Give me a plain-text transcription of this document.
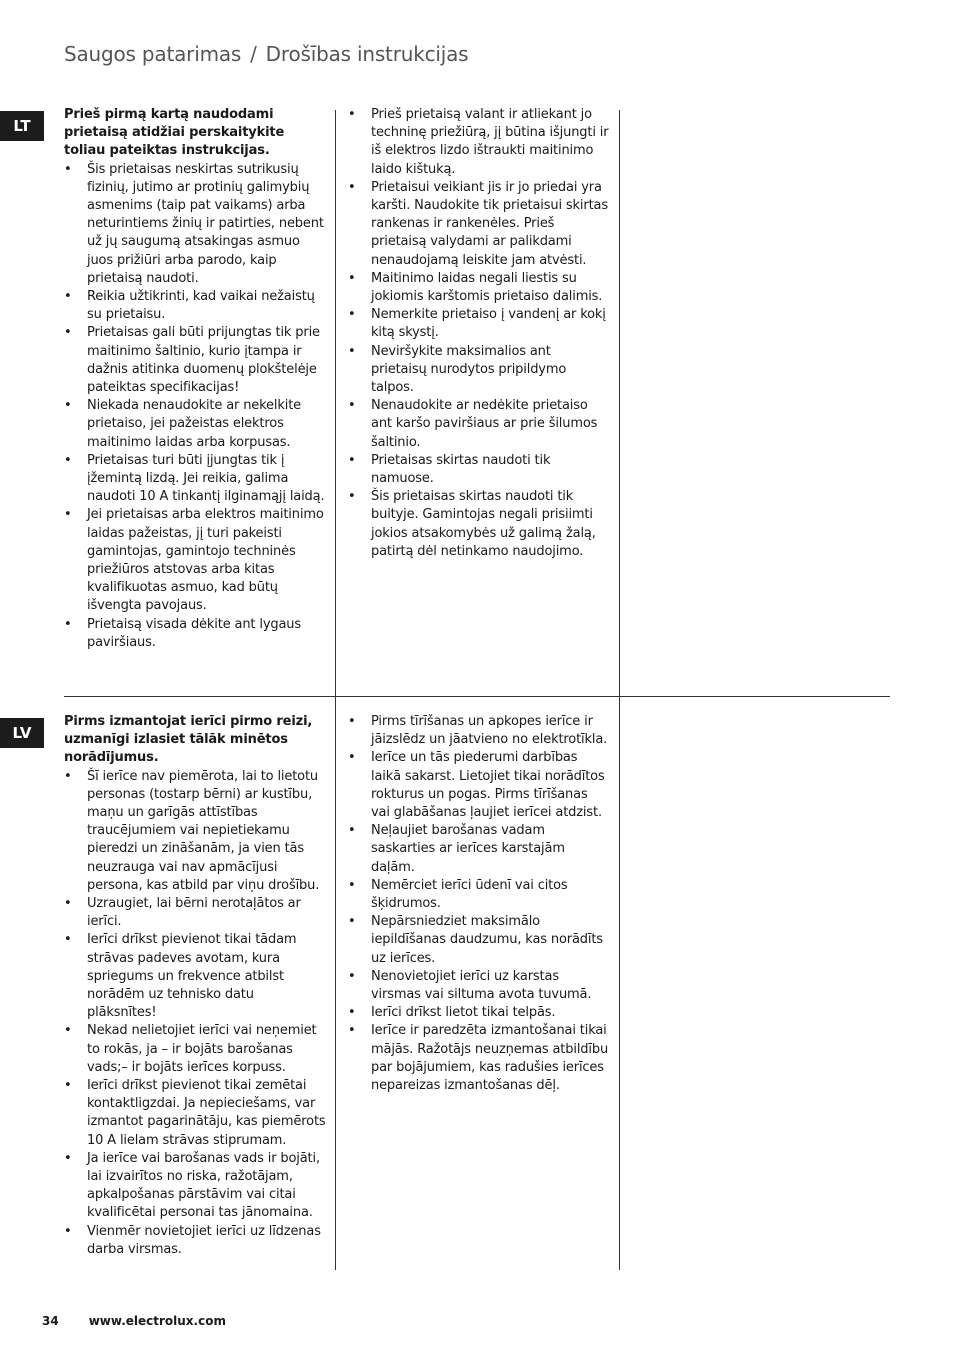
Saugos patarimas / Drošības instrukcijas
LT
LV

Prieš pirmą kartą naudodami prietaisą atidžiai perskaitykite toliau pateiktas instrukcijas.

• Šis prietaisas neskirtas sutrikusių fizinių, jutimo ar protinių galimybių asmenims (taip pat vaikams) arba neturintiems žinių ir patirties, nebent už jų saugumą atsakingas asmuo juos prižiūri arba parodo, kaip prietaisą naudoti.
• Reikia užtikrinti, kad vaikai nežaistų su prietaisu.
• Prietaisas gali būti prijungtas tik prie maitinimo šaltinio, kurio įtampa ir dažnis atitinka duomenų plokštelėje pateiktas specifikacijas!
• Niekada nenaudokite ar nekelkite prietaiso, jei pažeistas elektros maitinimo laidas arba korpusas.
• Prietaisas turi būti įjungtas tik į įžemintą lizdą. Jei reikia, galima naudoti 10 A tinkantį ilginamąjį laidą.
• Jei prietaisas arba elektros maitinimo laidas pažeistas, jį turi pakeisti gamintojas, gamintojo techninės priežiūros atstovas arba kitas kvalifikuotas asmuo, kad būtų išvengta pavojaus.
• Prietaisą visada dėkite ant lygaus paviršiaus.
• Prieš prietaisą valant ir atliekant jo techninę priežiūrą, jį būtina išjungti ir iš elektros lizdo ištraukti maitinimo laido kištuką.
• Prietaisui veikiant jis ir jo priedai yra karšti. Naudokite tik prietaisui skirtas rankenas ir rankenėles. Prieš prietaisą valydami ar palikdami nenaudojamą leiskite jam atvėsti.
• Maitinimo laidas negali liestis su jokiomis karštomis prietaiso dalimis.
• Nemerkite prietaiso į vandenį ar kokį kitą skystį.
• Neviršykite maksimalios ant prietaisų nurodytos pripildymo talpos.
• Nenaudokite ar nedėkite prietaiso ant karšo paviršiaus ar prie šilumos šaltinio.
• Prietaisas skirtas naudoti tik namuose.
• Šis prietaisas skirtas naudoti tik buityje. Gamintojas negali prisiimti jokios atsakomybės už galimą žalą, patirtą dėl netinkamo naudojimo.

Pirms izmantojat ierīci pirmo reizi, uzmanīgi izlasiet tālāk minētos norādījumus.

• Šī ierīce nav piemērota, lai to lietotu personas (tostarp bērni) ar kustību, maņu un garīgās attīstības traucējumiem vai nepietiekamu pieredzi un zināšanām, ja vien tās neuzrauga vai nav apmācījusi persona, kas atbild par viņu drošību.
• Uzraugiet, lai bērni nerotaļātos ar ierīci.
• Ierīci drīkst pievienot tikai tādam strāvas padeves avotam, kura spriegums un frekvence atbilst norādēm uz tehnisko datu plāksnītes!
• Nekad nelietojiet ierīci vai neņemiet to rokās, ja – ir bojāts barošanas vads;– ir bojāts ierīces korpuss.
• Ierīci drīkst pievienot tikai zemētai kontaktligzdai. Ja nepieciešams, var izmantot pagarinātāju, kas piemērots 10 A lielam strāvas stiprumam.
• Ja ierīce vai barošanas vads ir bojāti, lai izvairītos no riska, ražotājam, apkalpošanas pārstāvim vai citai kvalificētai personai tas jānomaina.
• Vienmēr novietojiet ierīci uz līdzenas darba virsmas.
• Pirms tīrīšanas un apkopes ierīce ir jāizslēdz un jāatvieno no elektrotīkla.
• Ierīce un tās piederumi darbības laikā sakarst. Lietojiet tikai norādītos rokturus un pogas. Pirms tīrīšanas vai glabāšanas ļaujiet ierīcei atdzist.
• Neļaujiet barošanas vadam saskarties ar ierīces karstajām daļām.
• Nemērciet ierīci ūdenī vai citos šķidrumos.
• Nepārsniedziet maksimālo iepildīšanas daudzumu, kas norādīts uz ierīces.
• Nenovietojiet ierīci uz karstas virsmas vai siltuma avota tuvumā.
• Ierīci drīkst lietot tikai telpās.
• Ierīce ir paredzēta izmantošanai tikai mājās. Ražotājs neuzņemas atbildību par bojājumiem, kas radušies ierīces nepareizas izmantošanas dēļ.
34	www.electrolux.com
